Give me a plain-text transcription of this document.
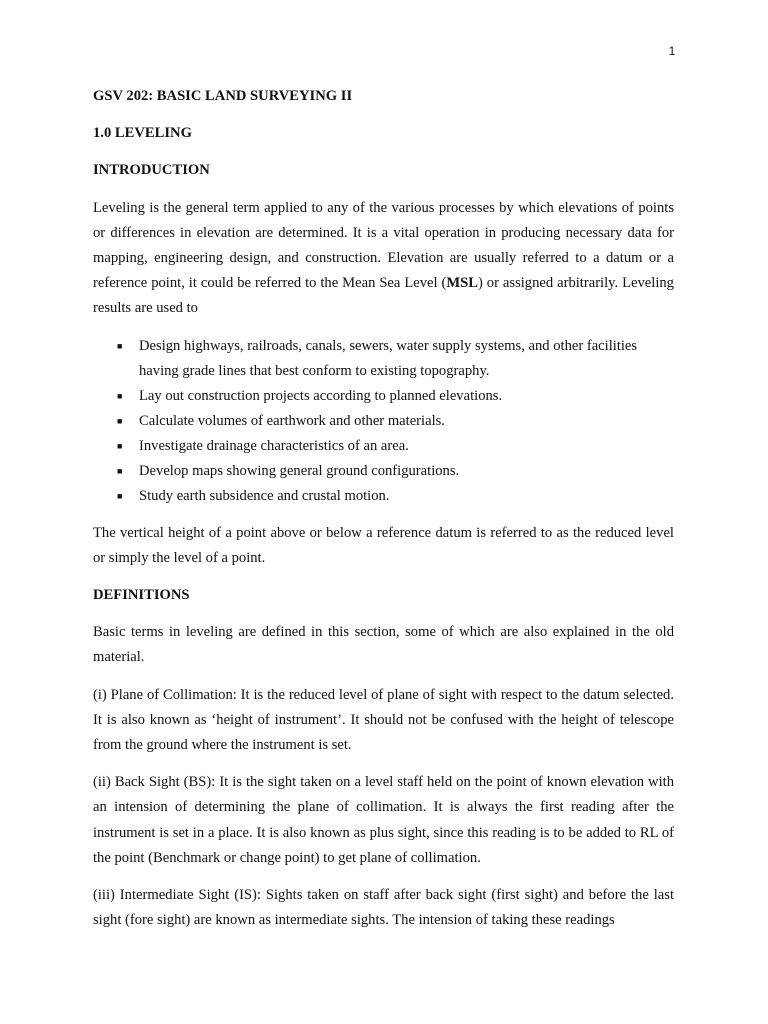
1
GSV 202: BASIC LAND SURVEYING II
1.0 LEVELING
INTRODUCTION

Leveling is the general term applied to any of the various processes by which elevations of points or differences in elevation are determined. It is a vital operation in producing necessary data for mapping, engineering design, and construction. Elevation are usually referred to a datum or a reference point, it could be referred to the Mean Sea Level (MSL) or assigned arbitrarily. Leveling results are used to

■ Design highways, railroads, canals, sewers, water supply systems, and other facilities having grade lines that best conform to existing topography.
■ Lay out construction projects according to planned elevations.
■ Calculate volumes of earthwork and other materials.
■ Investigate drainage characteristics of an area.
■ Develop maps showing general ground configurations.
■ Study earth subsidence and crustal motion.

The vertical height of a point above or below a reference datum is referred to as the reduced level or simply the level of a point.

DEFINITIONS

Basic terms in leveling are defined in this section, some of which are also explained in the old material.

(i) Plane of Collimation: It is the reduced level of plane of sight with respect to the datum selected. It is also known as ‘height of instrument’. It should not be confused with the height of telescope from the ground where the instrument is set.

(ii) Back Sight (BS): It is the sight taken on a level staff held on the point of known elevation with an intension of determining the plane of collimation. It is always the first reading after the instrument is set in a place. It is also known as plus sight, since this reading is to be added to RL of the point (Benchmark or change point) to get plane of collimation.

(iii) Intermediate Sight (IS): Sights taken on staff after back sight (first sight) and before the last sight (fore sight) are known as intermediate sights. The intension of taking these readings
